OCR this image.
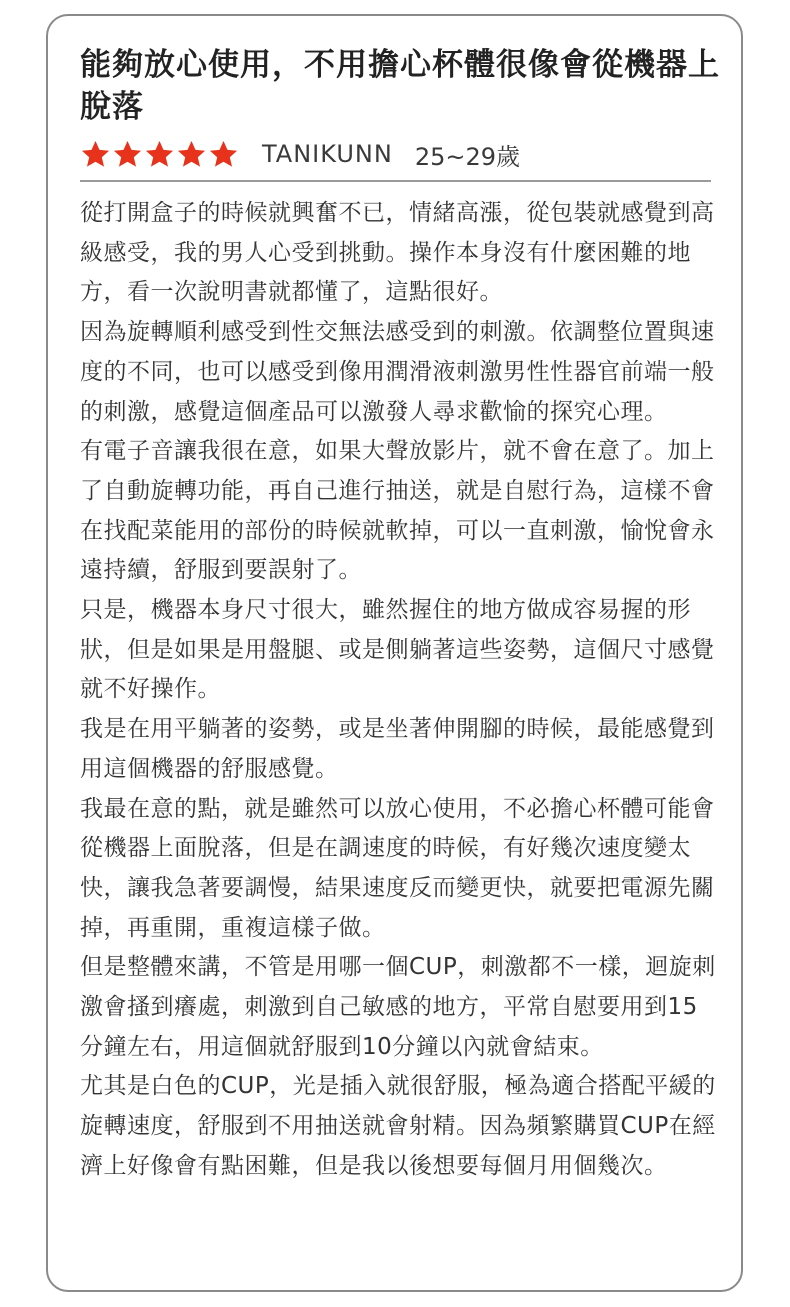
能夠放心使用，不用擔心杯體很像會從機器上脫落
TANIKUNN 25~29歲

從打開盒子的時候就興奮不已，情緒高漲，從包裝就感覺到高級感受，我的男人心受到挑動。操作本身沒有什麼困難的地方，看一次說明書就都懂了，這點很好。

因為旋轉順利感受到性交無法感受到的刺激。依調整位置與速度的不同，也可以感受到像用潤滑液刺激男性性器官前端一般的刺激，感覺這個產品可以激發人尋求歡愉的探究心理。

有電子音讓我很在意，如果大聲放影片，就不會在意了。加上了自動旋轉功能，再自己進行抽送，就是自慰行為，這樣不會在找配菜能用的部份的時候就軟掉，可以一直刺激，愉悅會永遠持續，舒服到要誤射了。

只是，機器本身尺寸很大，雖然握住的地方做成容易握的形狀，但是如果是用盤腿、或是側躺著這些姿勢，這個尺寸感覺就不好操作。

我是在用平躺著的姿勢，或是坐著伸開腳的時候，最能感覺到用這個機器的舒服感覺。

我最在意的點，就是雖然可以放心使用，不必擔心杯體可能會從機器上面脫落，但是在調速度的時候，有好幾次速度變太快，讓我急著要調慢，結果速度反而變更快，就要把電源先關掉，再重開，重複這樣子做。

但是整體來講，不管是用哪一個CUP，刺激都不一樣，迴旋刺激會搔到癢處，刺激到自己敏感的地方，平常自慰要用到15分鐘左右，用這個就舒服到10分鐘以內就會結束。

尤其是白色的CUP，光是插入就很舒服，極為適合搭配平緩的旋轉速度，舒服到不用抽送就會射精。因為頻繁購買CUP在經濟上好像會有點困難，但是我以後想要每個月用個幾次。
